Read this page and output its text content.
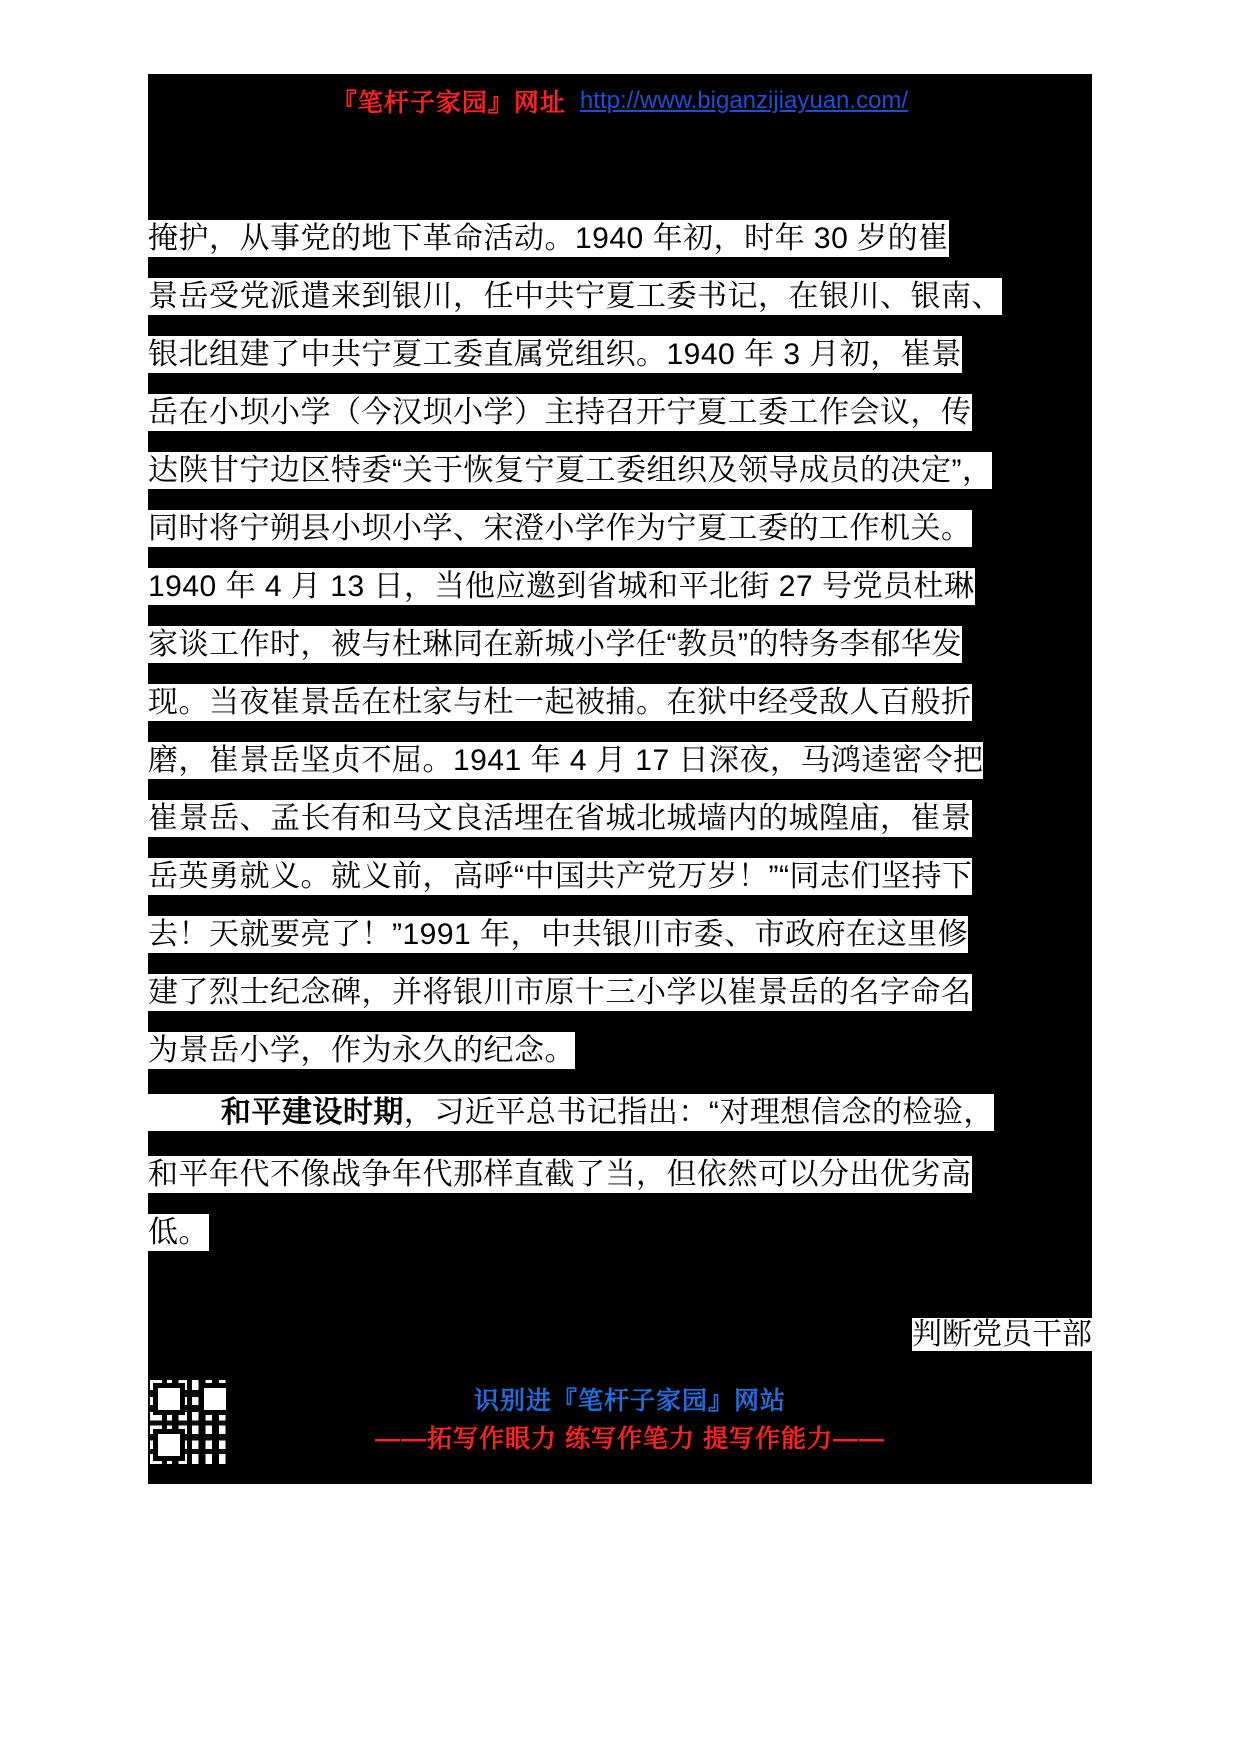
『笔杆子家园』网址 http://www.biganzijiayuan.com/
掩护，从事党的地下革命活动。1940 年初，时年 30 岁的崔
景岳受党派遣来到银川，任中共宁夏工委书记，在银川、银南、
银北组建了中共宁夏工委直属党组织。1940 年 3 月初，崔景
岳在小坝小学（今汉坝小学）主持召开宁夏工委工作会议，传
达陕甘宁边区特委“关于恢复宁夏工委组织及领导成员的决定”，
同时将宁朔县小坝小学、宋澄小学作为宁夏工委的工作机关。
1940 年 4 月 13 日，当他应邀到省城和平北街 27 号党员杜琳
家谈工作时，被与杜琳同在新城小学任“教员”的特务李郁华发
现。当夜崔景岳在杜家与杜一起被捕。在狱中经受敌人百般折
磨，崔景岳坚贞不屈。1941 年 4 月 17 日深夜，马鸿逵密令把
崔景岳、孟长有和马文良活埋在省城北城墙内的城隍庙，崔景
岳英勇就义。就义前，高呼“中国共产党万岁！”“同志们坚持下
去！天就要亮了！”1991 年，中共银川市委、市政府在这里修
建了烈士纪念碑，并将银川市原十三小学以崔景岳的名字命名
为景岳小学，作为永久的纪念。
和平建设时期，习近平总书记指出：“对理想信念的检验，
和平年代不像战争年代那样直截了当，但依然可以分出优劣高
低。
判断党员干部
识别进『笔杆子家园』网站
——拓写作眼力 练写作笔力 提写作能力——
